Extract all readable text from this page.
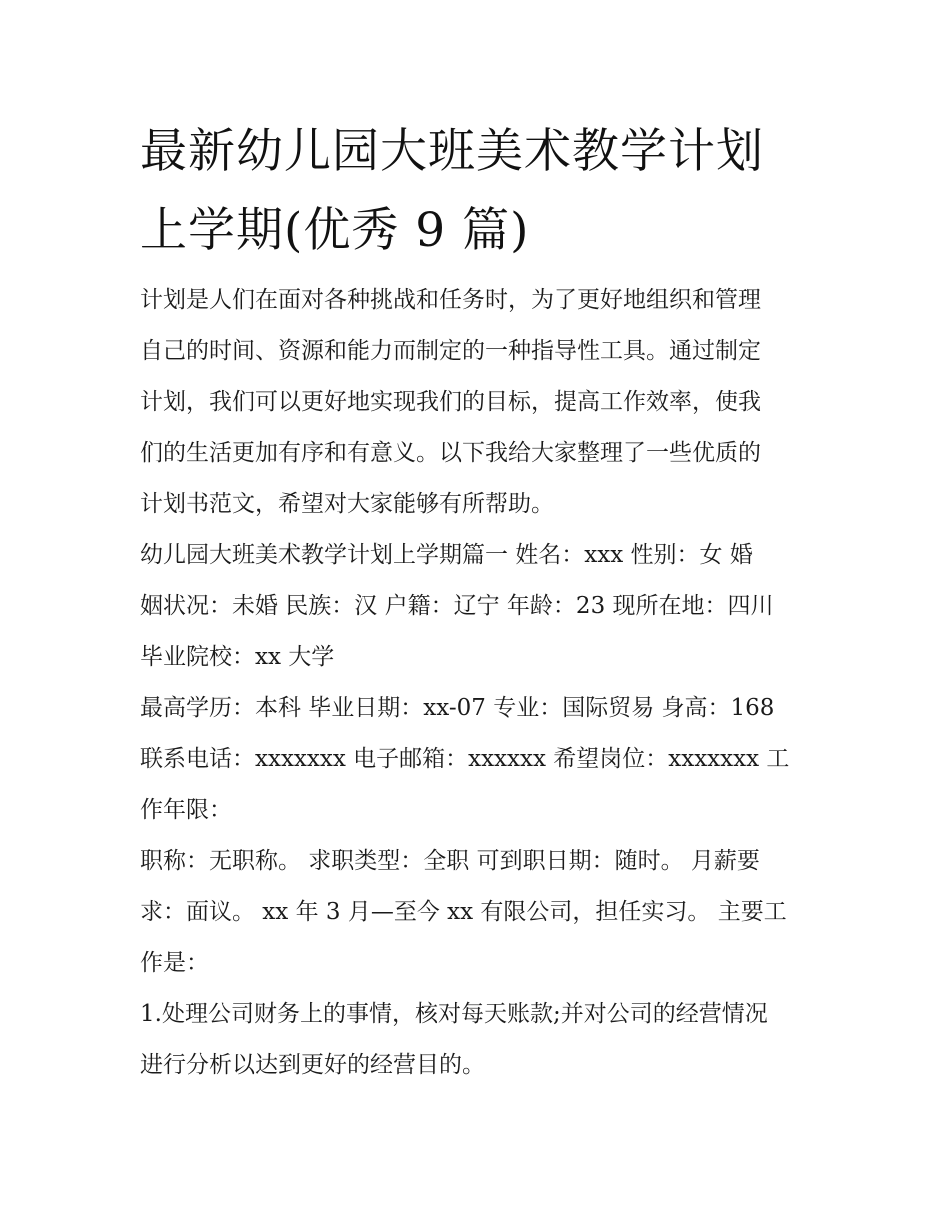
最新幼儿园大班美术教学计划
上学期(优秀 9 篇)
计划是人们在面对各种挑战和任务时，为了更好地组织和管理
自己的时间、资源和能力而制定的一种指导性工具。通过制定
计划，我们可以更好地实现我们的目标，提高工作效率，使我
们的生活更加有序和有意义。以下我给大家整理了一些优质的
计划书范文，希望对大家能够有所帮助。
幼儿园大班美术教学计划上学期篇一 姓名：xxx 性别：女 婚
姻状况：未婚 民族：汉 户籍：辽宁 年龄：23 现所在地：四川
毕业院校：xx 大学
最高学历：本科 毕业日期：xx-07 专业：国际贸易 身高：168
联系电话：xxxxxxx 电子邮箱：xxxxxx 希望岗位：xxxxxxx 工
作年限：
职称：无职称。 求职类型：全职 可到职日期：随时。 月薪要
求：面议。 xx 年 3 月—至今 xx 有限公司，担任实习。 主要工
作是：
1.处理公司财务上的事情，核对每天账款;并对公司的经营情况
进行分析以达到更好的经营目的。
